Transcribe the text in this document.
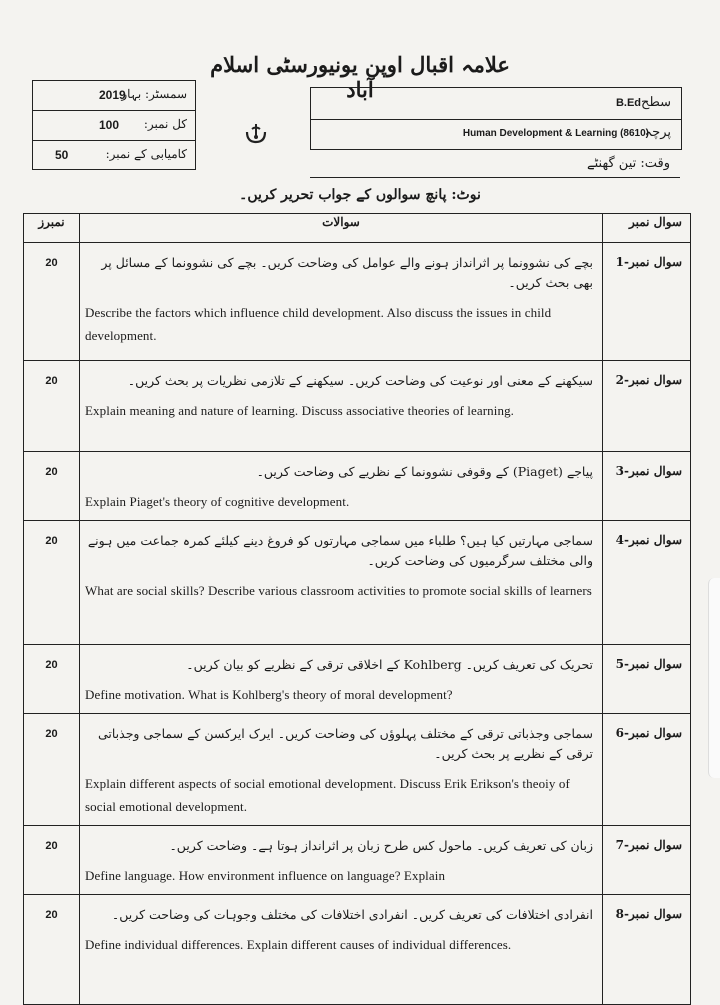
علامہ اقبال اوپن یونیورسٹی اسلام آباد
2019
سمسٹر: بہار
100 کل نمبر:
50	کامیابی کے نمبر:
سطح
B.Ed
پرچہ
Human Development & Learning (8610)
وقت: تین گھنٹے
نوٹ: پانچ سوالوں کے جواب تحریر کریں۔
نمبرز	سوالات	سوال نمبر
20	بچے کی نشوونما پر اثرانداز ہونے والے عوامل کی وضاحت کریں۔ بچے کی نشوونما کے مسائل پر بھی بحث کریں۔
Describe the factors which influence child development. Also discuss the issues in child development.	سوال نمبر-1
20	سیکھنے کے معنی اور نوعیت کی وضاحت کریں۔ سیکھنے کے تلازمی نظریات پر بحث کریں۔
Explain meaning and nature of learning. Discuss associative theories of learning.	سوال نمبر-2
20	پیاجے (Piaget) کے وقوفی نشوونما کے نظریے کی وضاحت کریں۔
Explain Piaget's theory of cognitive development.	سوال نمبر-3
20	سماجی مہارتیں کیا ہیں؟ طلباء میں سماجی مہارتوں کو فروغ دینے کیلئے کمرہ جماعت میں ہونے والی مختلف سرگرمیوں کی وضاحت کریں۔
What are social skills? Describe various classroom activities to promote social skills of learners	سوال نمبر-4
20	تحریک کی تعریف کریں۔ Kohlberg کے اخلاقی ترقی کے نظریے کو بیان کریں۔
Define motivation. What is Kohlberg's theory of moral development?	سوال نمبر-5
20	سماجی وجذباتی ترقی کے مختلف پہلوؤں کی وضاحت کریں۔ ایرک ایرکسن کے سماجی وجذباتی ترقی کے نظریے پر بحث کریں۔
Explain different aspects of social emotional development. Discuss Erik Erikson's theoiy of social emotional development.	سوال نمبر-6
20	زبان کی تعریف کریں۔ ماحول کس طرح زبان پر اثرانداز ہوتا ہے۔ وضاحت کریں۔
Define language. How environment influence on language? Explain	سوال نمبر-7
20	انفرادی اختلافات کی تعریف کریں۔ انفرادی اختلافات کی مختلف وجوہات کی وضاحت کریں۔
Define individual differences. Explain different causes of individual differences.	سوال نمبر-8
